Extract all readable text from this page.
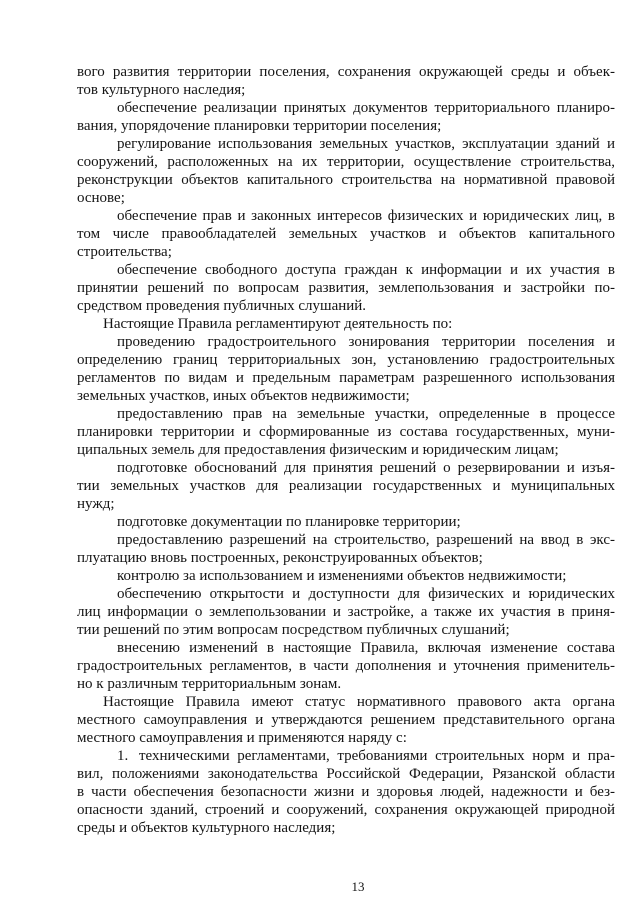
вого развития территории поселения, сохранения окружающей среды и объек-
тов культурного наследия;
обеспечение реализации принятых документов территориального планиро-
вания, упорядочение планировки территории поселения;
регулирование использования земельных участков, эксплуатации зданий и
сооружений, расположенных на их территории, осуществление строительства,
реконструкции объектов капитального строительства на нормативной правовой
основе;
обеспечение прав и законных интересов физических и юридических лиц, в
том числе правообладателей земельных участков и объектов капитального
строительства;
обеспечение свободного доступа граждан к информации и их участия в
принятии решений по вопросам развития, землепользования и застройки по-
средством проведения публичных слушаний.
Настоящие Правила регламентируют деятельность по:
проведению градостроительного зонирования территории поселения и
определению границ территориальных зон, установлению градостроительных
регламентов по видам и предельным параметрам разрешенного использования
земельных участков, иных объектов недвижимости;
предоставлению прав на земельные участки, определенные в процессе
планировки территории и сформированные из состава государственных, муни-
ципальных земель для предоставления физическим и юридическим лицам;
подготовке обоснований для принятия решений о резервировании и изъя-
тии земельных участков для реализации государственных и муниципальных
нужд;
подготовке документации по планировке территории;
предоставлению разрешений на строительство, разрешений на ввод в экс-
плуатацию вновь построенных, реконструированных объектов;
контролю за использованием и изменениями объектов недвижимости;
обеспечению открытости и доступности для физических и юридических
лиц информации о землепользовании и застройке, а также их участия в приня-
тии решений по этим вопросам посредством публичных слушаний;
внесению изменений в настоящие Правила, включая изменение состава
градостроительных регламентов, в части дополнения и уточнения применитель-
но к различным территориальным зонам.
Настоящие Правила имеют статус нормативного правового акта органа
местного самоуправления и утверждаются решением представительного органа
местного самоуправления и применяются наряду с:
1. техническими регламентами, требованиями строительных норм и пра-
вил, положениями законодательства Российской Федерации, Рязанской области
в части обеспечения безопасности жизни и здоровья людей, надежности и без-
опасности зданий, строений и сооружений, сохранения окружающей природной
среды и объектов культурного наследия;
13
